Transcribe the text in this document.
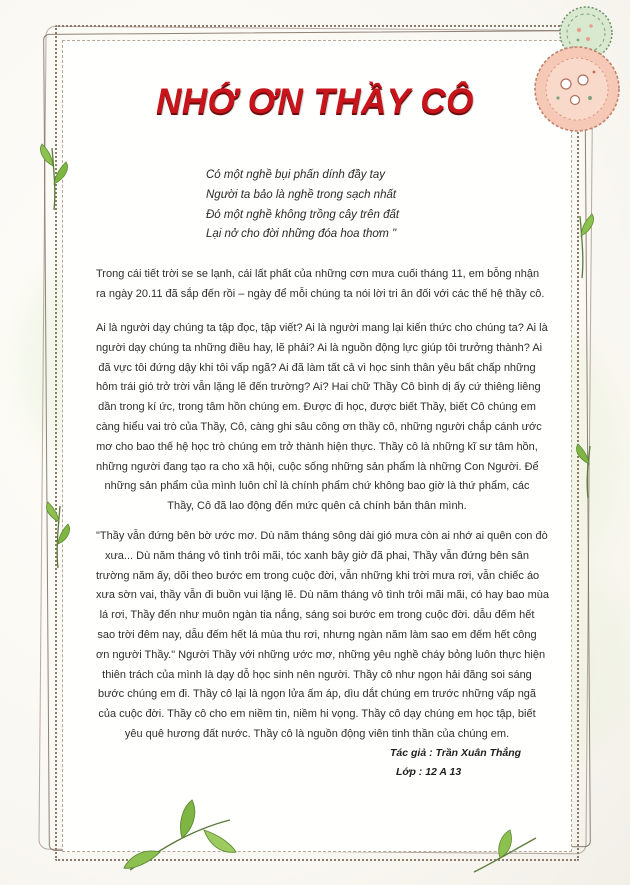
NHỚ ƠN THẦY CÔ
Có một nghề bụi phấn dính đầy tay
Người ta bảo là nghề trong sạch nhất
Đó một nghề không trồng cây trên đất
Lại nở cho đời những đóa hoa thơm "
Trong cái tiết trời se se lạnh, cái lất phất của những cơn mưa cuối tháng 11, em bỗng nhận
ra ngày 20.11 đã sắp đến rồi – ngày để mỗi chúng ta nói lời tri ân đối với các thế hệ thầy cô.
Ai là người dạy chúng ta tập đọc, tập viết? Ai là người mang lại kiến thức cho chúng ta? Ai là
người dạy chúng ta những điều hay, lẽ phải? Ai là nguồn động lực giúp tôi trưởng thành? Ai
đã vực tôi đứng dậy khi tôi vấp ngã? Ai đã làm tất cả vì học sinh thân yêu bất chấp những
hôm trái gió trở trời vẫn lặng lẽ đến trường? Ai? Hai chữ Thầy Cô bình dị ấy cứ thiêng liêng
dần trong kí ức, trong tâm hồn chúng em. Được đi học, được biết Thầy, biết Cô chúng em
càng hiểu vai trò của Thầy, Cô, càng ghi sâu công ơn thầy cô, những người chắp cánh ước
mơ cho bao thế hệ học trò chúng em trở thành hiện thực. Thầy cô là những kĩ sư tâm hồn,
những người đang tạo ra cho xã hội, cuộc sống những sản phẩm là những Con Người. Để
những sản phẩm của mình luôn chỉ là chính phẩm chứ không bao giờ là thứ phẩm, các
Thầy, Cô đã lao động đến mức quên cả chính bản thân mình.
"Thầy vẫn đứng bên bờ ước mơ. Dù năm tháng sông dài gió mưa còn ai nhớ ai quên con đò
xưa... Dù năm tháng vô tình trôi mãi, tóc xanh bây giờ đã phai, Thầy vẫn đứng bên sân
trường năm ấy, dõi theo bước em trong cuộc đời, vẫn những khi trời mưa rơi, vẫn chiếc áo
xưa sờn vai, thầy vẫn đi buồn vui lặng lẽ. Dù năm tháng vô tình trôi mãi mãi, có hay bao mùa
lá rơi, Thầy đến như muôn ngàn tia nắng, sáng soi bước em trong cuộc đời. dẫu đếm hết
sao trời đêm nay, dẫu đếm hết lá mùa thu rơi, nhưng ngàn năm làm sao em đếm hết công
ơn người Thầy." Người Thầy với những ước mơ, những yêu nghề cháy bỏng luôn thực hiện
thiên trách của mình là dạy dỗ học sinh nên người. Thầy cô như ngọn hải đăng soi sáng
bước chúng em đi. Thầy cô lại là ngọn lửa ấm áp, dìu dắt chúng em trước những vấp ngã
của cuộc đời. Thầy cô cho em niềm tin, niềm hi vọng. Thầy cô dạy chúng em học tập, biết
yêu quê hương đất nước. Thầy cô là nguồn động viên tinh thần của chúng em.
Tác giả : Trần Xuân Thắng
Lớp : 12 A 13
